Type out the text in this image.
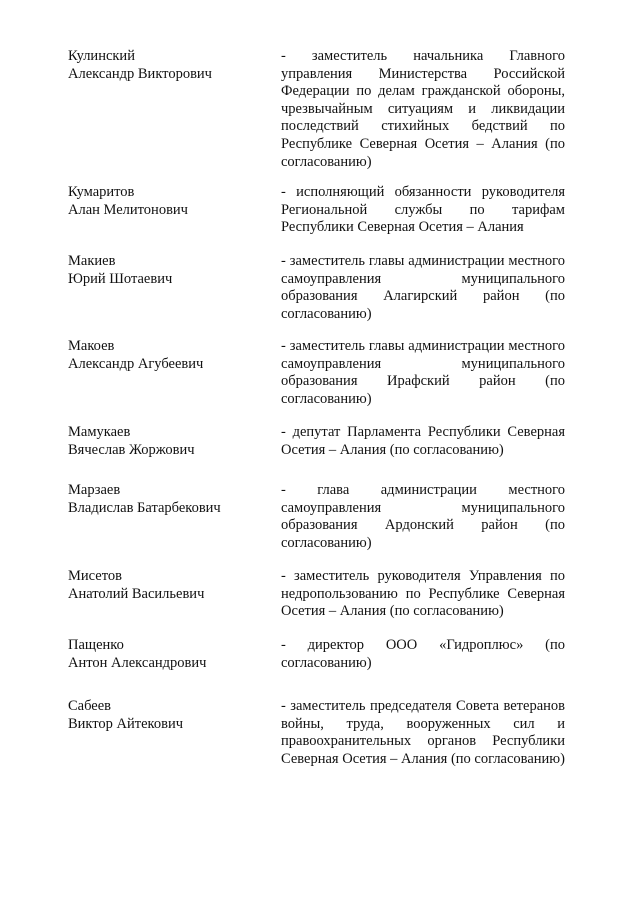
Кулинский
Александр Викторович
- заместитель начальника Главного управления Министерства Российской Федерации по делам гражданской обороны, чрезвычайным ситуациям и ликвидации последствий стихийных бедствий по Республике Северная Осетия – Алания (по согласованию)
Кумаритов
Алан Мелитонович
- исполняющий обязанности руководителя Региональной службы по тарифам Республики Северная Осетия – Алания
Макиев
Юрий Шотаевич
- заместитель главы администрации местного самоуправления муниципального образования Алагирский район (по согласованию)
Макоев
Александр Агубеевич
- заместитель главы администрации местного самоуправления муниципального образования Ирафский район (по согласованию)
Мамукаев
Вячеслав Жоржович
- депутат Парламента Республики Северная Осетия – Алания (по согласованию)
Марзаев
Владислав Батарбекович
- глава администрации местного самоуправления муниципального образования Ардонский район (по согласованию)
Мисетов
Анатолий Васильевич
- заместитель руководителя Управления по недропользованию по Республике Северная Осетия – Алания (по согласованию)
Пащенко
Антон Александрович
- директор ООО «Гидроплюс» (по согласованию)
Сабеев
Виктор Айтекович
- заместитель председателя Совета ветеранов войны, труда, вооруженных сил и правоохранительных органов Республики Северная Осетия – Алания (по согласованию)
